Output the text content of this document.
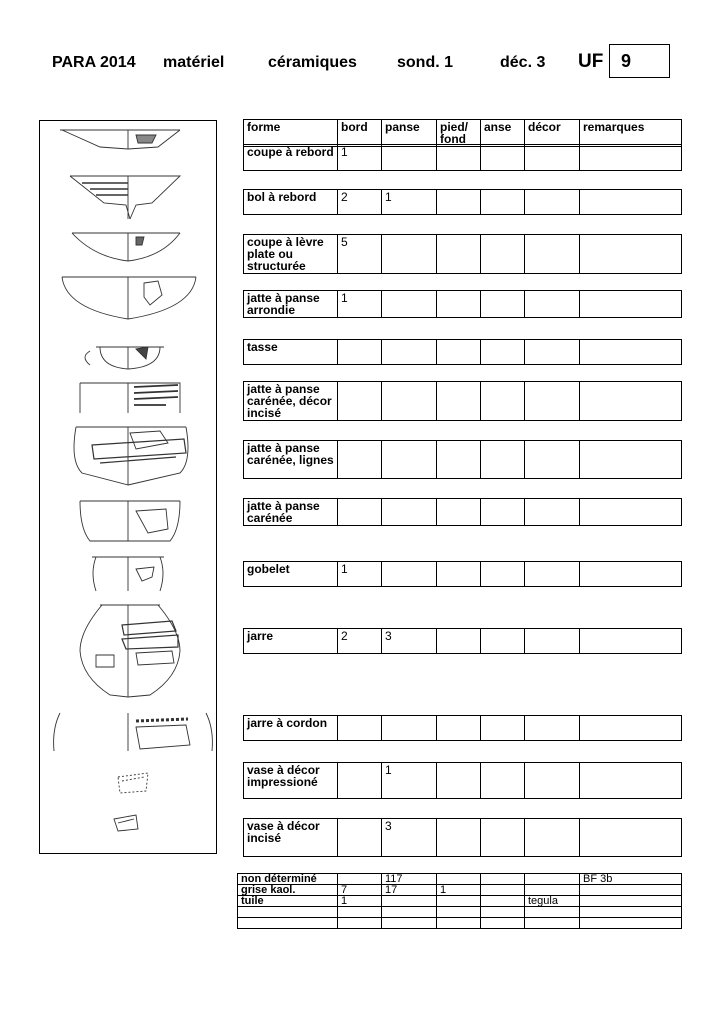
PARA 2014 matériel	céramiques	sond. 1	déc. 3 UF 9
forme	bord	panse	pied/ fond	anse	décor	remarques
coupe à rebord	1					
bol à rebord	2	1				
coupe à lèvre plate ou structurée	5					
jatte à panse arrondie	1					
tasse						
jatte à panse carénée, décor incisé						
jatte à panse carénée, lignes						
jatte à panse carénée						
gobelet	1					
jarre	2	3				
jarre à cordon						
vase à décor impressioné		1				
vase à décor incisé		3				
non déterminé		117				BF 3b
grise kaol.	7	17	1			
tuile	1				tegula	
